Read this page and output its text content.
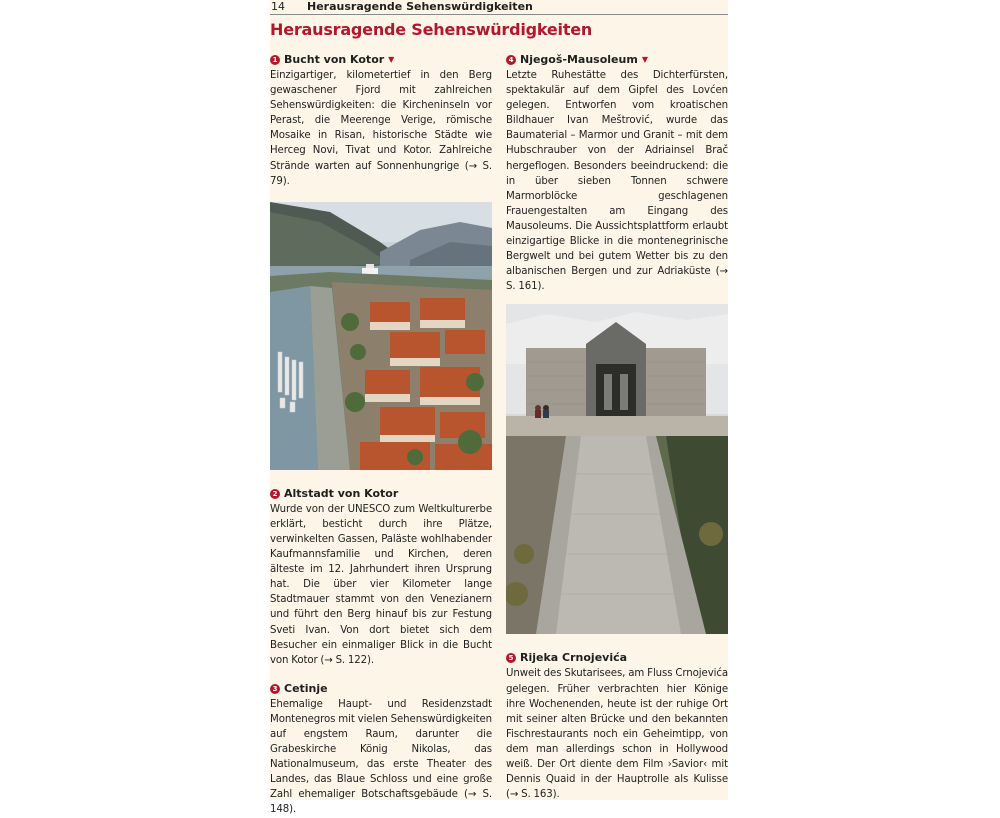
14 Herausragende Sehenswürdigkeiten
Herausragende Sehenswürdigkeiten
1 Bucht von Kotor ▼
Einzigartiger, kilometertief in den Berg gewaschener Fjord mit zahlreichen Sehenswürdigkeiten: die Kircheninseln vor Perast, die Meerenge Verige, römische Mosaike in Risan, historische Städte wie Herceg Novi, Tivat und Kotor. Zahlreiche Strände warten auf Sonnenhungrige (→ S. 79).
2 Altstadt von Kotor
Wurde von der UNESCO zum Weltkulturerbe erklärt, besticht durch ihre Plätze, verwinkelten Gassen, Paläste wohlhabender Kaufmannsfamilie und Kirchen, deren älteste im 12. Jahrhundert ihren Ursprung hat. Die über vier Kilometer lange Stadtmauer stammt von den Venezianern und führt den Berg hinauf bis zur Festung Sveti Ivan. Von dort bietet sich dem Besucher ein einmaliger Blick in die Bucht von Kotor (→ S. 122).
3 Cetinje
Ehemalige Haupt- und Residenzstadt Montenegros mit vielen Sehenswürdigkeiten auf engstem Raum, darunter die Grabeskirche König Nikolas, das Nationalmuseum, das erste Theater des Landes, das Blaue Schloss und eine große Zahl ehemaliger Botschaftsgebäude (→ S. 148).
4 Njegoš-Mausoleum ▼
Letzte Ruhestätte des Dichterfürsten, spektakulär auf dem Gipfel des Lovćen gelegen. Entworfen vom kroatischen Bildhauer Ivan Meštrović, wurde das Baumaterial – Marmor und Granit – mit dem Hubschrauber von der Adriainsel Brač hergeflogen. Besonders beeindruckend: die in über sieben Tonnen schwere Marmorblöcke geschlagenen Frauengestalten am Eingang des Mausoleums. Die Aussichtsplattform erlaubt einzigartige Blicke in die montenegrinische Bergwelt und bei gutem Wetter bis zu den albanischen Bergen und zur Adriaküste (→ S. 161).
5 Rijeka Crnojevića
Unweit des Skutarisees, am Fluss Crnojevića gelegen. Früher verbrachten hier Könige ihre Wochenenden, heute ist der ruhige Ort mit seiner alten Brücke und den bekannten Fischrestaurants noch ein Geheimtipp, von dem man allerdings schon in Hollywood weiß. Der Ort diente dem Film ›Savior‹ mit Dennis Quaid in der Hauptrolle als Kulisse (→ S. 163).
